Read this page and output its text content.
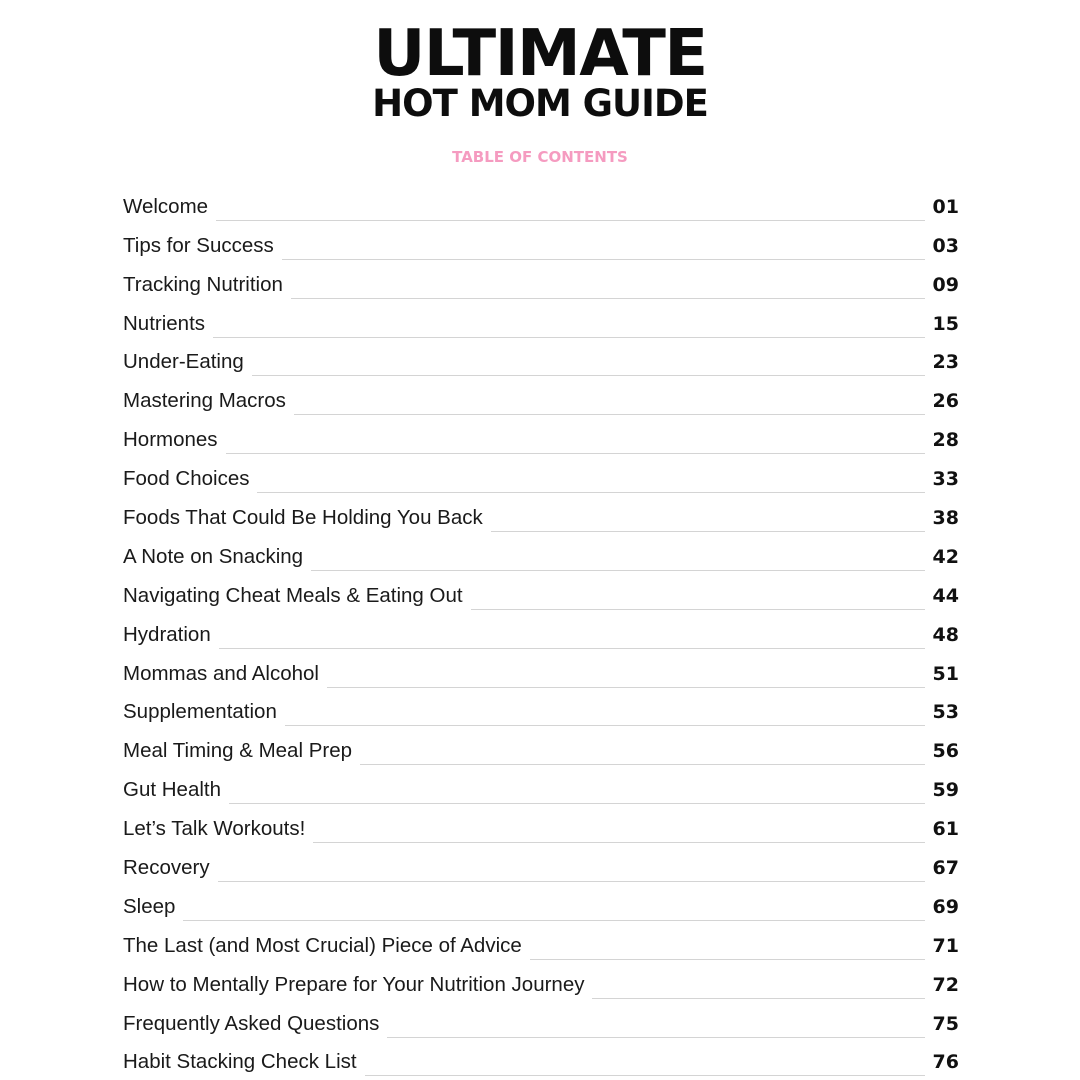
ULTIMATE
HOT MOM GUIDE
TABLE OF CONTENTS
Welcome	01
Tips for Success	03
Tracking Nutrition	09
Nutrients	15
Under-Eating	23
Mastering Macros	26
Hormones	28
Food Choices	33
Foods That Could Be Holding You Back	38
A Note on Snacking	42
Navigating Cheat Meals & Eating Out	44
Hydration	48
Mommas and Alcohol	51
Supplementation	53
Meal Timing & Meal Prep	56
Gut Health	59
Let’s Talk Workouts!	61
Recovery	67
Sleep	69
The Last (and Most Crucial) Piece of Advice	71
How to Mentally Prepare for Your Nutrition Journey	72
Frequently Asked Questions	75
Habit Stacking Check List	76
